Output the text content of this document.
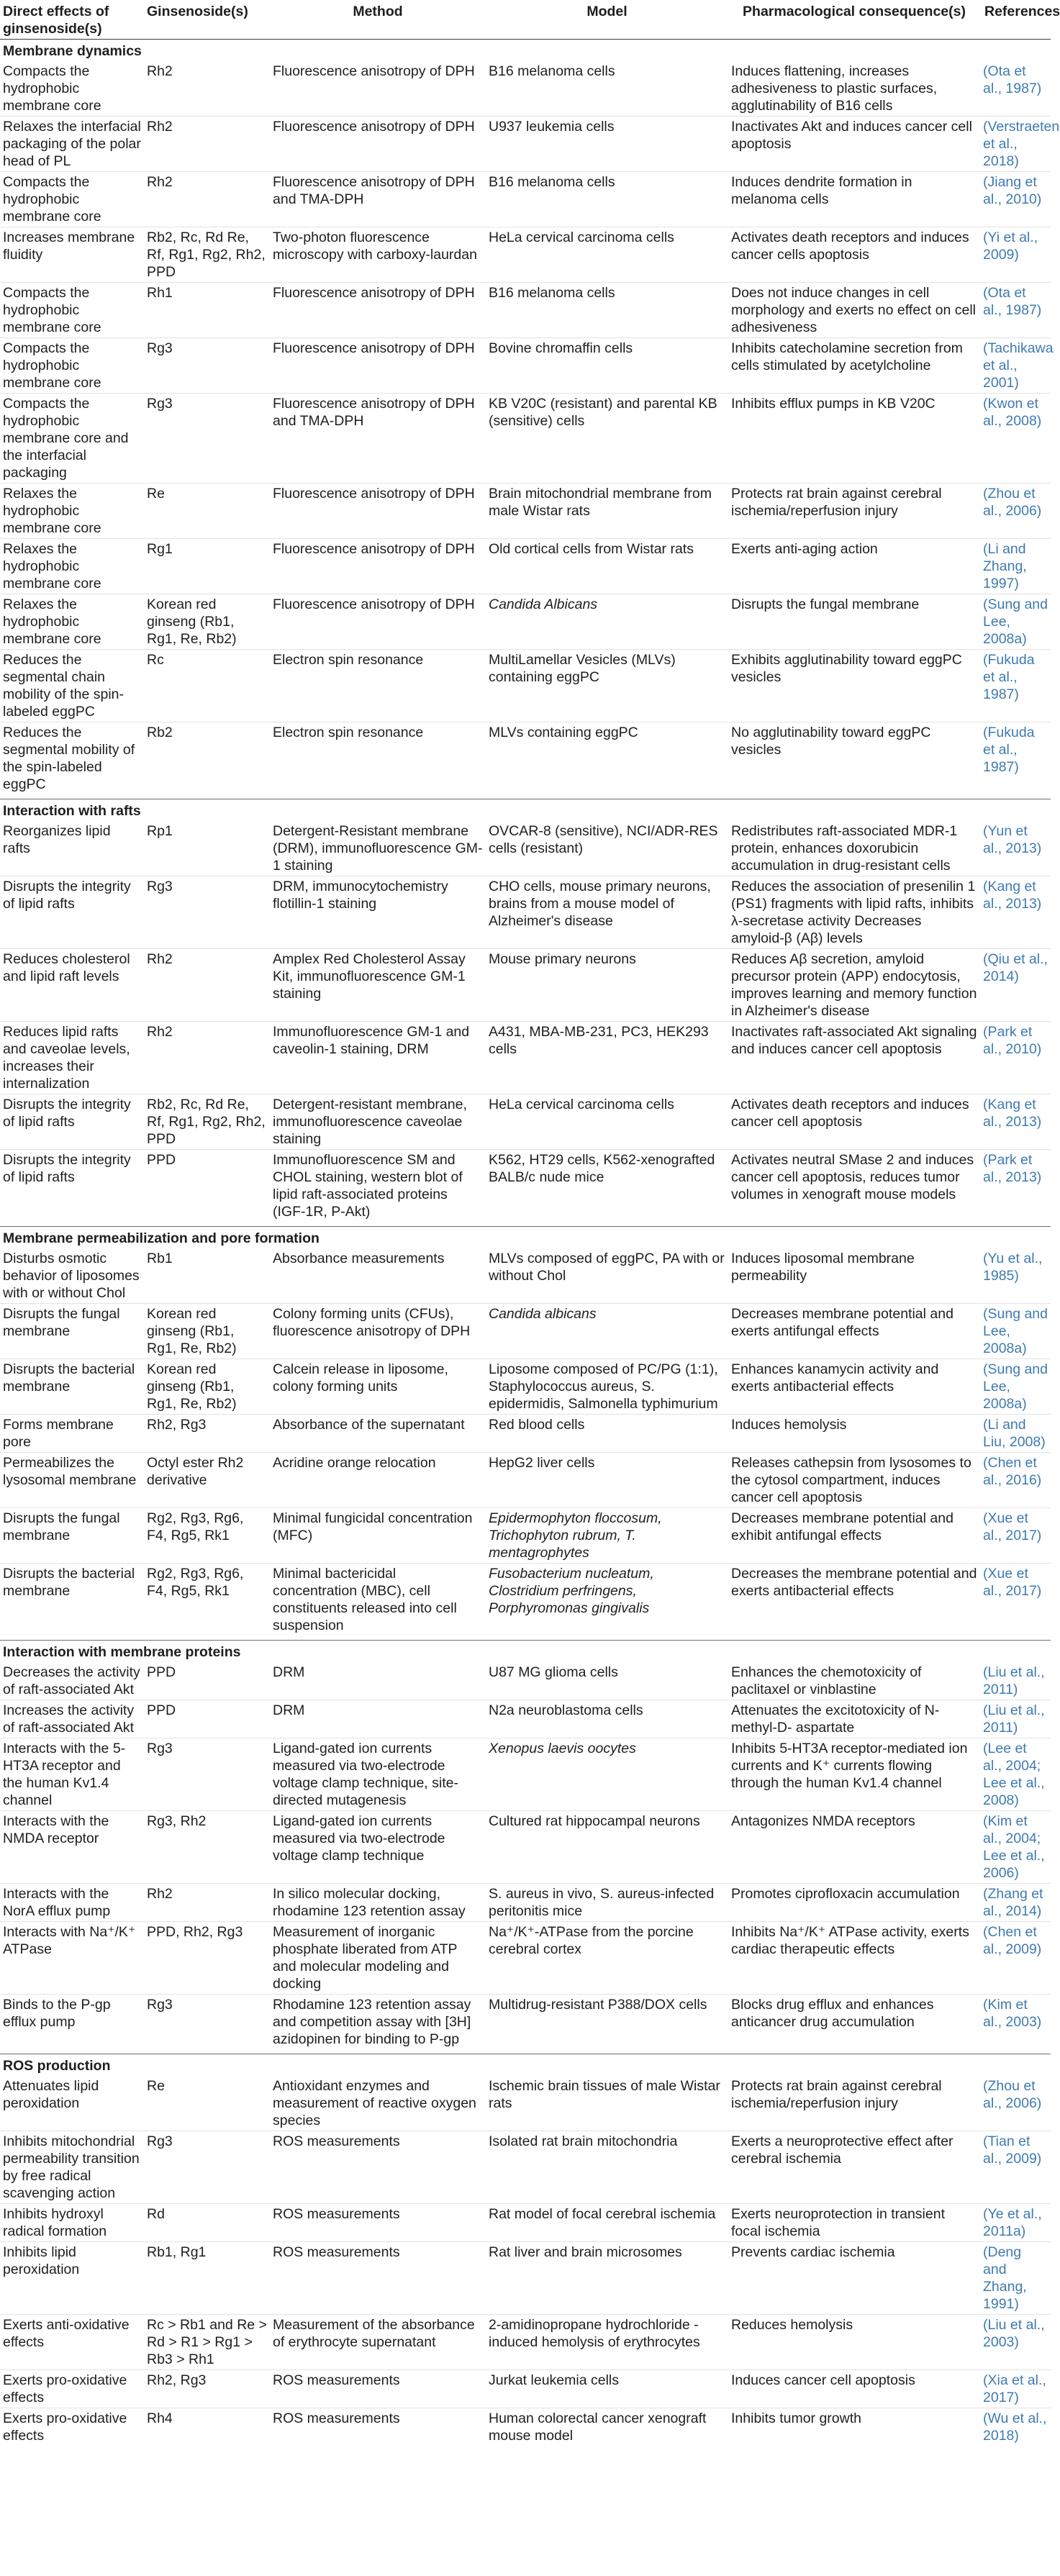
Direct effects of ginsenoside(s)	Ginsenoside(s)	Method	Model	Pharmacological consequence(s)	References

Membrane dynamics					
Compacts the hydrophobic membrane core	Rh2	Fluorescence anisotropy of DPH	B16 melanoma cells	Induces flattening, increases adhesiveness to plastic surfaces, agglutinability of B16 cells	(Ota et al., 1987)
Relaxes the interfacial packaging of the polar head of PL	Rh2	Fluorescence anisotropy of DPH	U937 leukemia cells	Inactivates Akt and induces cancer cell apoptosis	(Verstraeten et al., 2018)
Compacts the hydrophobic membrane core	Rh2	Fluorescence anisotropy of DPH and TMA-DPH	B16 melanoma cells	Induces dendrite formation in melanoma cells	(Jiang et al., 2010)
Increases membrane fluidity	Rb2, Rc, Rd Re, Rf, Rg1, Rg2, Rh2, PPD	Two-photon fluorescence microscopy with carboxy-laurdan	HeLa cervical carcinoma cells	Activates death receptors and induces cancer cells apoptosis	(Yi et al., 2009)
Compacts the hydrophobic membrane core	Rh1	Fluorescence anisotropy of DPH	B16 melanoma cells	Does not induce changes in cell morphology and exerts no effect on cell adhesiveness	(Ota et al., 1987)
Compacts the hydrophobic membrane core	Rg3	Fluorescence anisotropy of DPH	Bovine chromaffin cells	Inhibits catecholamine secretion from cells stimulated by acetylcholine	(Tachikawa et al., 2001)
Compacts the hydrophobic membrane core and the interfacial packaging	Rg3	Fluorescence anisotropy of DPH and TMA-DPH	KB V20C (resistant) and parental KB (sensitive) cells	Inhibits efflux pumps in KB V20C	(Kwon et al., 2008)
Relaxes the hydrophobic membrane core	Re	Fluorescence anisotropy of DPH	Brain mitochondrial membrane from male Wistar rats	Protects rat brain against cerebral ischemia/reperfusion injury	(Zhou et al., 2006)
Relaxes the hydrophobic membrane core	Rg1	Fluorescence anisotropy of DPH	Old cortical cells from Wistar rats	Exerts anti-aging action	(Li and Zhang, 1997)
Relaxes the hydrophobic membrane core	Korean red ginseng (Rb1, Rg1, Re, Rb2)	Fluorescence anisotropy of DPH	Candida Albicans	Disrupts the fungal membrane	(Sung and Lee, 2008a)
Reduces the segmental chain mobility of the spin-labeled eggPC	Rc	Electron spin resonance	MultiLamellar Vesicles (MLVs) containing eggPC	Exhibits agglutinability toward eggPC vesicles	(Fukuda et al., 1987)
Reduces the segmental mobility of the spin-labeled eggPC	Rb2	Electron spin resonance	MLVs containing eggPC	No agglutinability toward eggPC vesicles	(Fukuda et al., 1987)

Interaction with rafts					
Reorganizes lipid rafts	Rp1	Detergent-Resistant membrane (DRM), immunofluorescence GM-1 staining	OVCAR-8 (sensitive), NCI/ADR-RES cells (resistant)	Redistributes raft-associated MDR-1 protein, enhances doxorubicin accumulation in drug-resistant cells	(Yun et al., 2013)
Disrupts the integrity of lipid rafts	Rg3	DRM, immunocytochemistry flotillin-1 staining	CHO cells, mouse primary neurons, brains from a mouse model of Alzheimer's disease	Reduces the association of presenilin 1 (PS1) fragments with lipid rafts, inhibits λ-secretase activity Decreases amyloid-β (Aβ) levels	(Kang et al., 2013)
Reduces cholesterol and lipid raft levels	Rh2	Amplex Red Cholesterol Assay Kit, immunofluorescence GM-1 staining	Mouse primary neurons	Reduces Aβ secretion, amyloid precursor protein (APP) endocytosis, improves learning and memory function in Alzheimer's disease	(Qiu et al., 2014)
Reduces lipid rafts and caveolae levels, increases their internalization	Rh2	Immunofluorescence GM-1 and caveolin-1 staining, DRM	A431, MBA-MB-231, PC3, HEK293 cells	Inactivates raft-associated Akt signaling and induces cancer cell apoptosis	(Park et al., 2010)
Disrupts the integrity of lipid rafts	Rb2, Rc, Rd Re, Rf, Rg1, Rg2, Rh2, PPD	Detergent-resistant membrane, immunofluorescence caveolae staining	HeLa cervical carcinoma cells	Activates death receptors and induces cancer cell apoptosis	(Kang et al., 2013)
Disrupts the integrity of lipid rafts	PPD	Immunofluorescence SM and CHOL staining, western blot of lipid raft-associated proteins (IGF-1R, P-Akt)	K562, HT29 cells, K562-xenografted BALB/c nude mice	Activates neutral SMase 2 and induces cancer cell apoptosis, reduces tumor volumes in xenograft mouse models	(Park et al., 2013)

Membrane permeabilization and pore formation					
Disturbs osmotic behavior of liposomes with or without Chol	Rb1	Absorbance measurements	MLVs composed of eggPC, PA with or without Chol	Induces liposomal membrane permeability	(Yu et al., 1985)
Disrupts the fungal membrane	Korean red ginseng (Rb1, Rg1, Re, Rb2)	Colony forming units (CFUs), fluorescence anisotropy of DPH	Candida albicans	Decreases membrane potential and exerts antifungal effects	(Sung and Lee, 2008a)
Disrupts the bacterial membrane	Korean red ginseng (Rb1, Rg1, Re, Rb2)	Calcein release in liposome, colony forming units	Liposome composed of PC/PG (1:1), Staphylococcus aureus, S. epidermidis, Salmonella typhimurium	Enhances kanamycin activity and exerts antibacterial effects	(Sung and Lee, 2008a)
Forms membrane pore	Rh2, Rg3	Absorbance of the supernatant	Red blood cells	Induces hemolysis	(Li and Liu, 2008)
Permeabilizes the lysosomal membrane	Octyl ester Rh2 derivative	Acridine orange relocation	HepG2 liver cells	Releases cathepsin from lysosomes to the cytosol compartment, induces cancer cell apoptosis	(Chen et al., 2016)
Disrupts the fungal membrane	Rg2, Rg3, Rg6, F4, Rg5, Rk1	Minimal fungicidal concentration (MFC)	Epidermophyton floccosum, Trichophyton rubrum, T. mentagrophytes	Decreases membrane potential and exhibit antifungal effects	(Xue et al., 2017)
Disrupts the bacterial membrane	Rg2, Rg3, Rg6, F4, Rg5, Rk1	Minimal bactericidal concentration (MBC), cell constituents released into cell suspension	Fusobacterium nucleatum, Clostridium perfringens, Porphyromonas gingivalis	Decreases the membrane potential and exerts antibacterial effects	(Xue et al., 2017)

Interaction with membrane proteins					
Decreases the activity of raft-associated Akt	PPD	DRM	U87 MG glioma cells	Enhances the chemotoxicity of paclitaxel or vinblastine	(Liu et al., 2011)
Increases the activity of raft-associated Akt	PPD	DRM	N2a neuroblastoma cells	Attenuates the excitotoxicity of N-methyl-D- aspartate	(Liu et al., 2011)
Interacts with the 5-HT3A receptor and the human Kv1.4 channel	Rg3	Ligand-gated ion currents measured via two-electrode voltage clamp technique, site-directed mutagenesis	Xenopus laevis oocytes	Inhibits 5-HT3A receptor-mediated ion currents and K⁺ currents flowing through the human Kv1.4 channel	(Lee et al., 2004; Lee et al., 2008)
Interacts with the NMDA receptor	Rg3, Rh2	Ligand-gated ion currents measured via two-electrode voltage clamp technique	Cultured rat hippocampal neurons	Antagonizes NMDA receptors	(Kim et al., 2004; Lee et al., 2006)
Interacts with the NorA efflux pump	Rh2	In silico molecular docking, rhodamine 123 retention assay	S. aureus in vivo, S. aureus-infected peritonitis mice	Promotes ciprofloxacin accumulation	(Zhang et al., 2014)
Interacts with Na⁺/K⁺ ATPase	PPD, Rh2, Rg3	Measurement of inorganic phosphate liberated from ATP and molecular modeling and docking	Na⁺/K⁺-ATPase from the porcine cerebral cortex	Inhibits Na⁺/K⁺ ATPase activity, exerts cardiac therapeutic effects	(Chen et al., 2009)
Binds to the P-gp efflux pump	Rg3	Rhodamine 123 retention assay and competition assay with [3H] azidopinen for binding to P-gp	Multidrug-resistant P388/DOX cells	Blocks drug efflux and enhances anticancer drug accumulation	(Kim et al., 2003)

ROS production					
Attenuates lipid peroxidation	Re	Antioxidant enzymes and measurement of reactive oxygen species	Ischemic brain tissues of male Wistar rats	Protects rat brain against cerebral ischemia/reperfusion injury	(Zhou et al., 2006)
Inhibits mitochondrial permeability transition by free radical scavenging action	Rg3	ROS measurements	Isolated rat brain mitochondria	Exerts a neuroprotective effect after cerebral ischemia	(Tian et al., 2009)
Inhibits hydroxyl radical formation	Rd	ROS measurements	Rat model of focal cerebral ischemia	Exerts neuroprotection in transient focal ischemia	(Ye et al., 2011a)
Inhibits lipid peroxidation	Rb1, Rg1	ROS measurements	Rat liver and brain microsomes	Prevents cardiac ischemia	(Deng and Zhang, 1991)
Exerts anti-oxidative effects	Rc > Rb1 and Re > Rd > R1 > Rg1 > Rb3 > Rh1	Measurement of the absorbance of erythrocyte supernatant	2-amidinopropane hydrochloride -induced hemolysis of erythrocytes	Reduces hemolysis	(Liu et al., 2003)
Exerts pro-oxidative effects	Rh2, Rg3	ROS measurements	Jurkat leukemia cells	Induces cancer cell apoptosis	(Xia et al., 2017)
Exerts pro-oxidative effects	Rh4	ROS measurements	Human colorectal cancer xenograft mouse model	Inhibits tumor growth	(Wu et al., 2018)
